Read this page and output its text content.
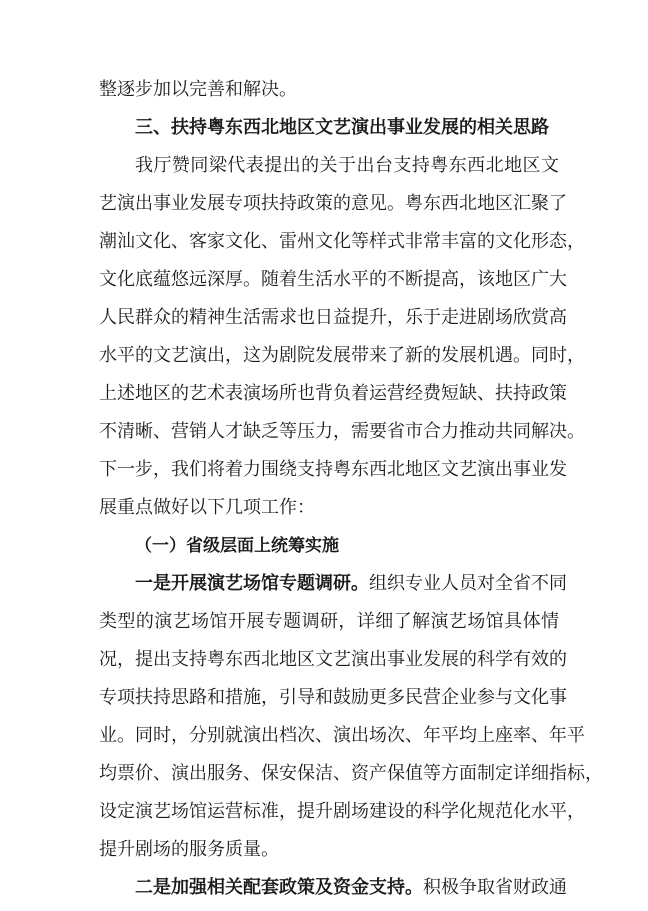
整逐步加以完善和解决。
三、扶持粤东西北地区文艺演出事业发展的相关思路
我厅赞同梁代表提出的关于出台支持粤东西北地区文
艺演出事业发展专项扶持政策的意见。粤东西北地区汇聚了
潮汕文化、客家文化、雷州文化等样式非常丰富的文化形态，
文化底蕴悠远深厚。随着生活水平的不断提高，该地区广大
人民群众的精神生活需求也日益提升，乐于走进剧场欣赏高
水平的文艺演出，这为剧院发展带来了新的发展机遇。同时，
上述地区的艺术表演场所也背负着运营经费短缺、扶持政策
不清晰、营销人才缺乏等压力，需要省市合力推动共同解决。
下一步，我们将着力围绕支持粤东西北地区文艺演出事业发
展重点做好以下几项工作：
（一）省级层面上统筹实施
一是开展演艺场馆专题调研。组织专业人员对全省不同
类型的演艺场馆开展专题调研，详细了解演艺场馆具体情
况，提出支持粤东西北地区文艺演出事业发展的科学有效的
专项扶持思路和措施，引导和鼓励更多民营企业参与文化事
业。同时，分别就演出档次、演出场次、年平均上座率、年平
均票价、演出服务、保安保洁、资产保值等方面制定详细指标，
设定演艺场馆运营标准，提升剧场建设的科学化规范化水平，
提升剧场的服务质量。
二是加强相关配套政策及资金支持。积极争取省财政通
